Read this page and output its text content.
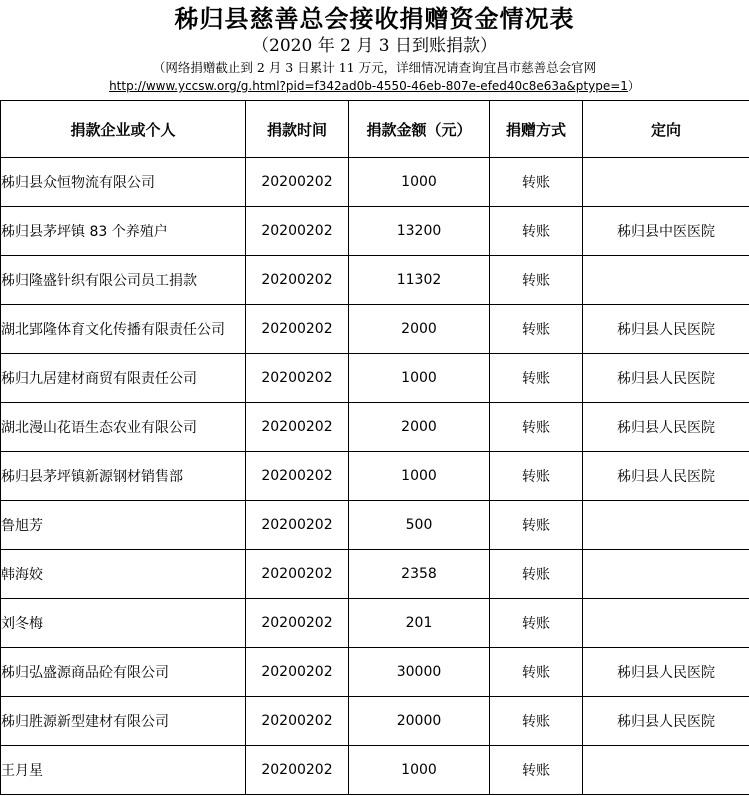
秭归县慈善总会接收捐赠资金情况表
（2020 年 2 月 3 日到账捐款）
（网络捐赠截止到 2 月 3 日累计 11 万元，详细情况请查询宜昌市慈善总会官网
http://www.yccsw.org/g.html?pid=f342ad0b-4550-46eb-807e-efed40c8e63a&ptype=1）
捐款企业或个人	捐款时间	捐款金额（元）	捐赠方式	定向
秭归县众恒物流有限公司	20200202	1000	转账	
秭归县茅坪镇 83 个养殖户	20200202	13200	转账	秭归县中医医院
秭归隆盛针织有限公司员工捐款	20200202	11302	转账	
湖北郢隆体育文化传播有限责任公司	20200202	2000	转账	秭归县人民医院
秭归九居建材商贸有限责任公司	20200202	1000	转账	秭归县人民医院
湖北漫山花语生态农业有限公司	20200202	2000	转账	秭归县人民医院
秭归县茅坪镇新源钢材销售部	20200202	1000	转账	秭归县人民医院
鲁旭芳	20200202	500	转账	
韩海姣	20200202	2358	转账	
刘冬梅	20200202	201	转账	
秭归弘盛源商品砼有限公司	20200202	30000	转账	秭归县人民医院
秭归胜源新型建材有限公司	20200202	20000	转账	秭归县人民医院
王月星	20200202	1000	转账	
